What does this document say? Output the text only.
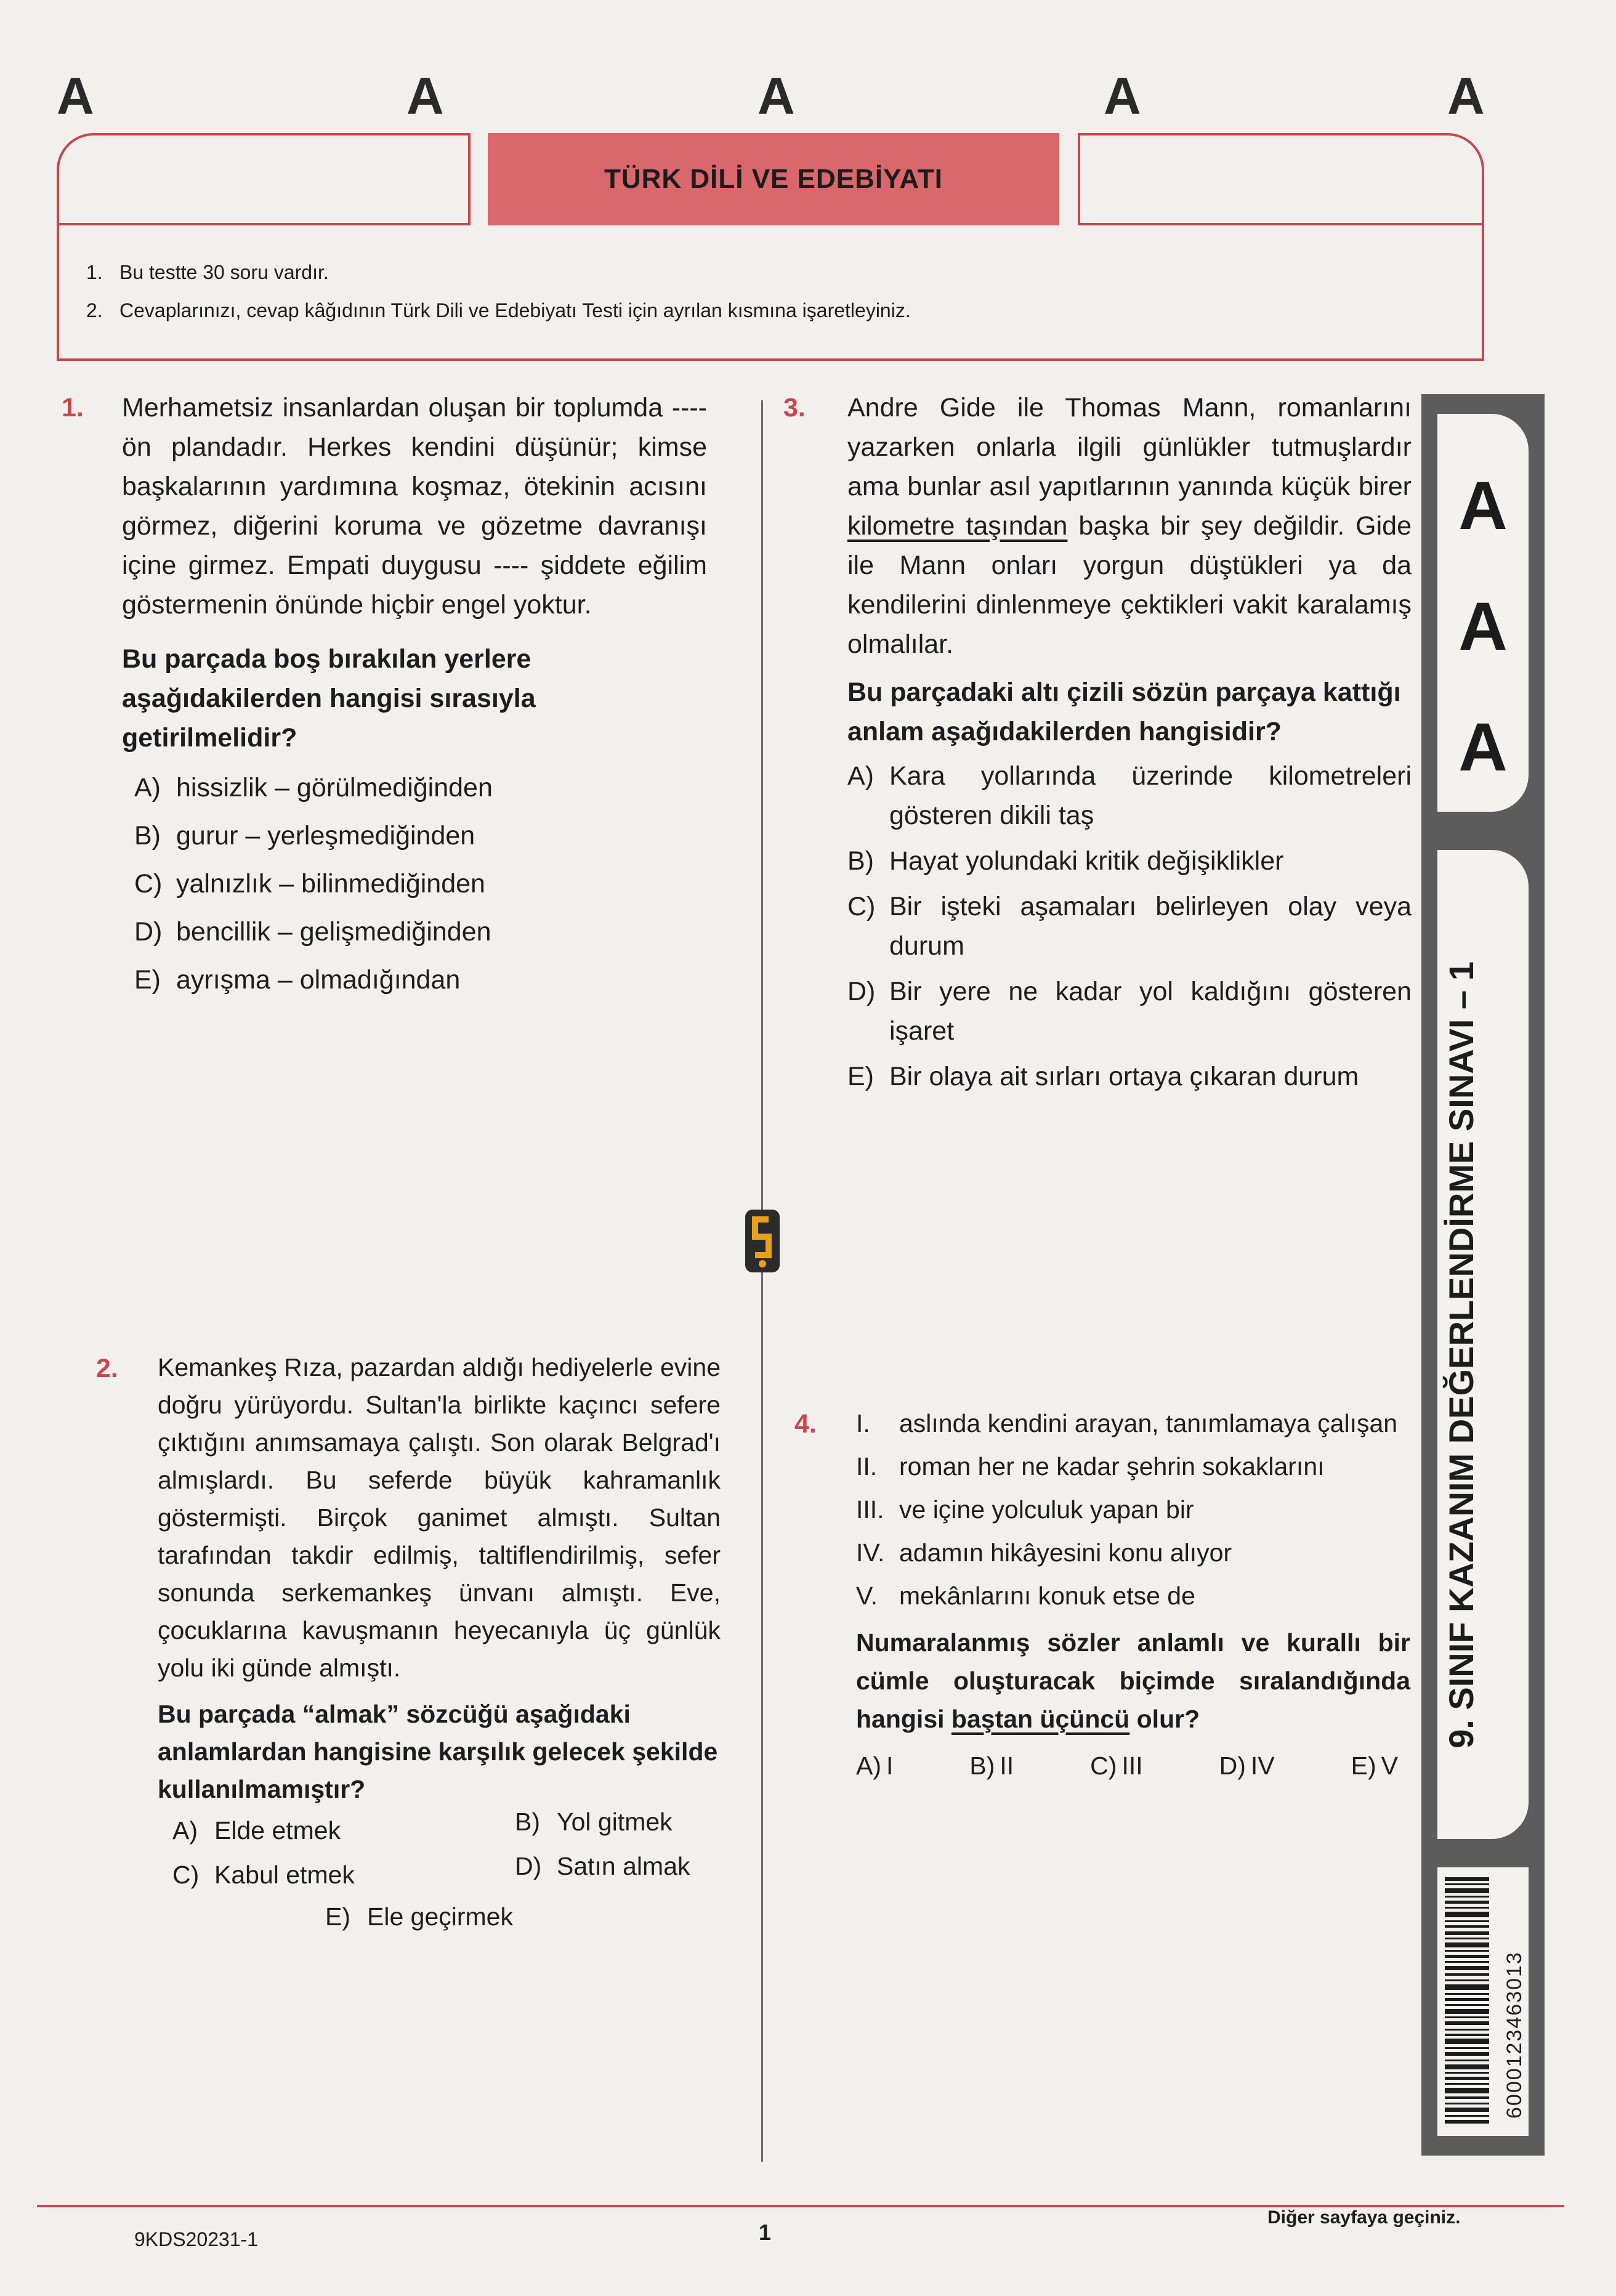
A	A	A	A	A
TÜRK DİLİ VE EDEBİYATI
1. Bu testte 30 soru vardır.
2. Cevaplarınızı, cevap kâğıdının Türk Dili ve Edebiyatı Testi için ayrılan kısmına işaretleyiniz.
1. Merhametsiz insanlardan oluşan bir toplumda ---- ön plandadır. Herkes kendini düşünür; kimse başkalarının yardımına koşmaz, ötekinin acısını görmez, diğerini koruma ve gözetme davranışı içine girmez. Empati duygusu ---- şiddete eğilim göstermenin önünde hiçbir engel yoktur.
Bu parçada boş bırakılan yerlere aşağıdakilerden hangisi sırasıyla getirilmelidir?
A) hissizlik – görülmediğinden
B) gurur – yerleşmediğinden
C) yalnızlık – bilinmediğinden
D) bencillik – gelişmediğinden
E) ayrışma – olmadığından
2. Kemankeş Rıza, pazardan aldığı hediyelerle evine doğru yürüyordu. Sultan'la birlikte kaçıncı sefere çıktığını anımsamaya çalıştı. Son olarak Belgrad'ı almışlardı. Bu seferde büyük kahramanlık göstermişti. Birçok ganimet almıştı. Sultan tarafından takdir edilmiş, taltiflendirilmiş, sefer sonunda serkemankeş ünvanı almıştı. Eve, çocuklarına kavuşmanın heyecanıyla üç günlük yolu iki günde almıştı.
Bu parçada “almak” sözcüğü aşağıdaki anlamlardan hangisine karşılık gelecek şekilde kullanılmamıştır?
A) Elde etmek	B) Yol gitmek
C) Kabul etmek	D) Satın almak
E) Ele geçirmek
3. Andre Gide ile Thomas Mann, romanlarını yazarken onlarla ilgili günlükler tutmuşlardır ama bunlar asıl yapıtlarının yanında küçük birer kilometre taşından başka bir şey değildir. Gide ile Mann onları yorgun düştükleri ya da kendilerini dinlenmeye çektikleri vakit karalamış olmalılar.
Bu parçadaki altı çizili sözün parçaya kattığı anlam aşağıdakilerden hangisidir?
A) Kara yollarında üzerinde kilometreleri gösteren dikili taş
B) Hayat yolundaki kritik değişiklikler
C) Bir işteki aşamaları belirleyen olay veya durum
D) Bir yere ne kadar yol kaldığını gösteren işaret
E) Bir olaya ait sırları ortaya çıkaran durum
4. I.	aslında kendini arayan, tanımlamaya çalışan
II. roman her ne kadar şehrin sokaklarını
III. ve içine yolculuk yapan bir
IV. adamın hikâyesini konu alıyor
V. mekânlarını konuk etse de
Numaralanmış sözler anlamlı ve kurallı bir cümle oluşturacak biçimde sıralandığında hangisi baştan üçüncü olur?
A) I	B) II	C) III	D) IV	E) V
A
A
A
9. SINIF KAZANIM DEĞERLENDİRME SINAVI – 1
6000123463013
9KDS20231-1	1
Diğer sayfaya geçiniz.
